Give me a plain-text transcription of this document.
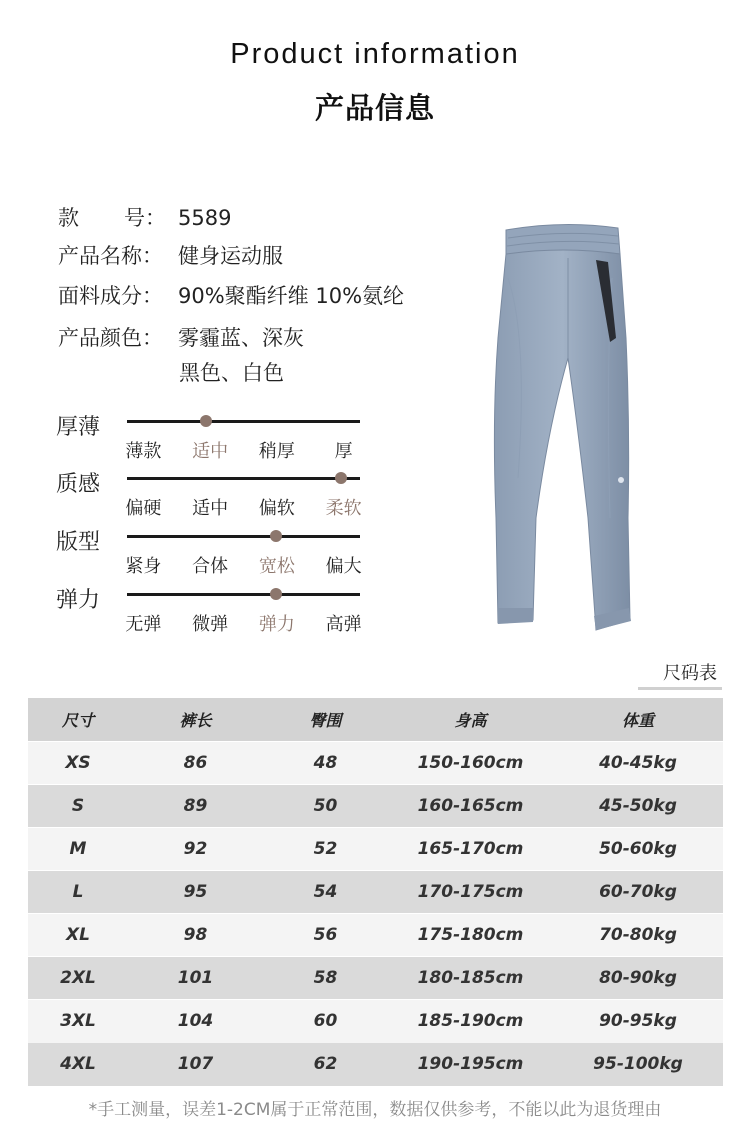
Product information
产品信息
款 号： 5589
产品名称： 健身运动服
面料成分： 90%聚酯纤维 10%氨纶
产品颜色： 雾霾蓝、深灰
黑色、白色
厚薄
薄款	适中	稍厚	厚
质感
偏硬	适中	偏软	柔软
版型
紧身	合体	宽松	偏大
弹力
无弹	微弹	弹力	高弹
尺码表
尺寸	裤长	臀围	身高	体重
XS	86	48	150-160cm	40-45kg
S	89	50	160-165cm	45-50kg
M	92	52	165-170cm	50-60kg
L	95	54	170-175cm	60-70kg
XL	98	56	175-180cm	70-80kg
2XL	101	58	180-185cm	80-90kg
3XL	104	60	185-190cm	90-95kg
4XL	107	62	190-195cm	95-100kg
*手工测量，误差1-2CM属于正常范围，数据仅供参考，不能以此为退货理由
